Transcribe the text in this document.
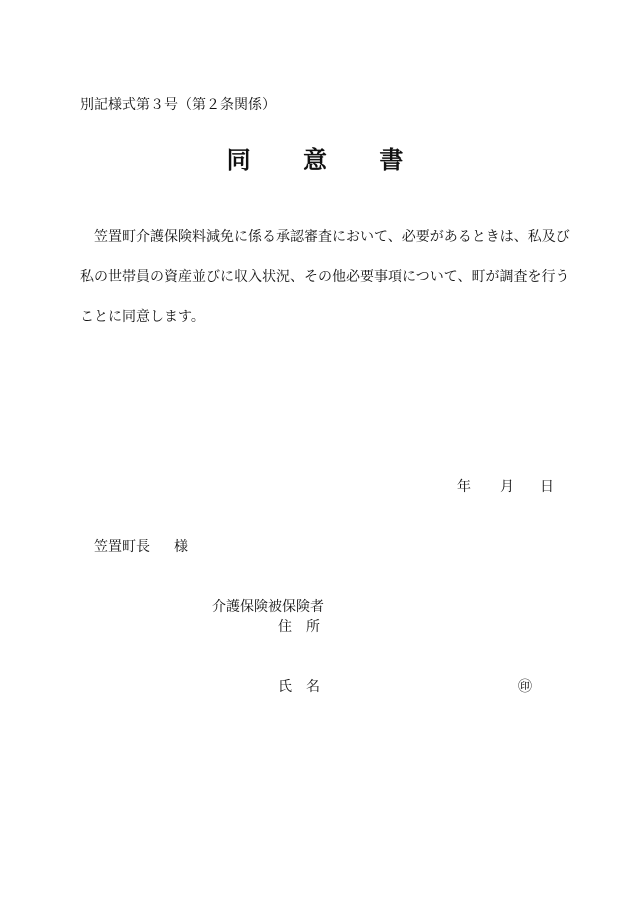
別記様式第３号（第２条関係）
同 意 書
笠置町介護保険料減免に係る承認審査において、必要があるときは、私及び
私の世帯員の資産並びに収入状況、その他必要事項について、町が調査を行う
ことに同意します。
年 月 日
笠置町長 様
介護保険被保険者
住所
氏名	㊞
